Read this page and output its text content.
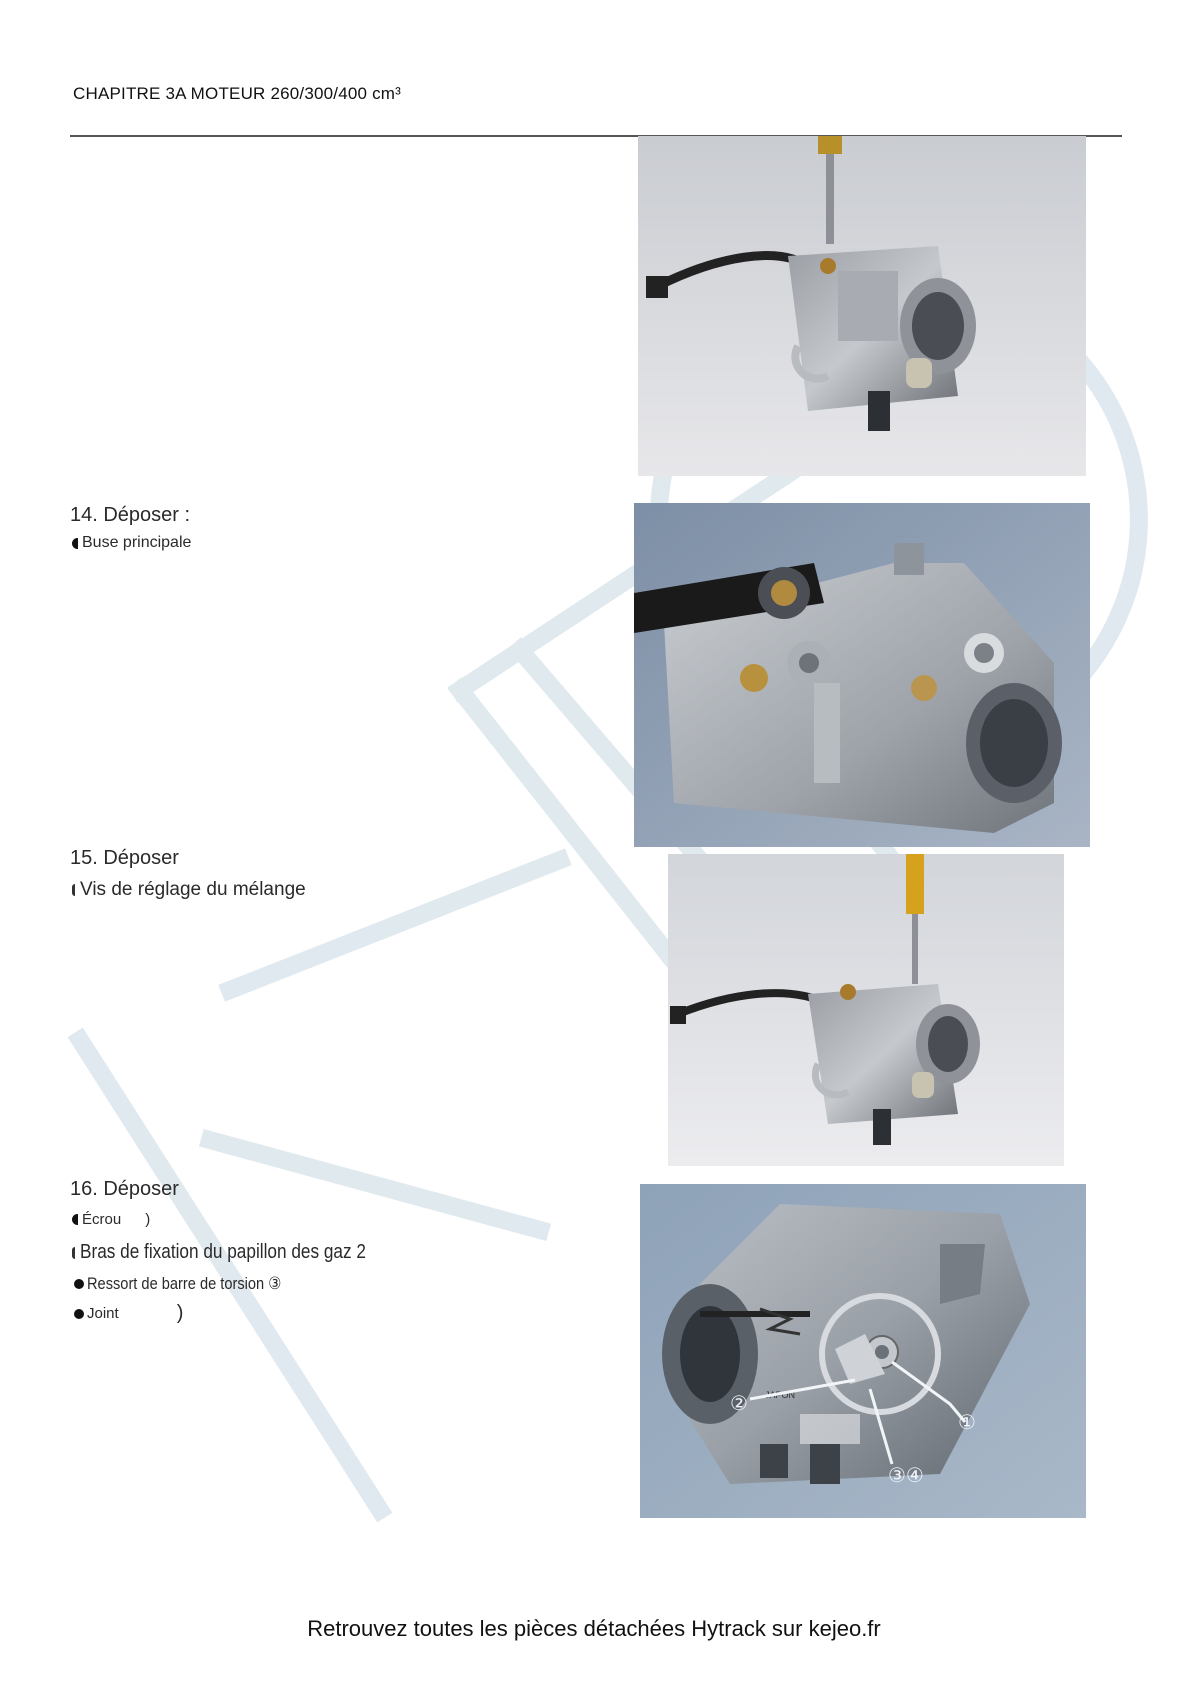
CHAPITRE 3A MOTEUR 260/300/400 cm³
14. Déposer :
Buse principale
15. Déposer
Vis de réglage du mélange
16. Déposer
Écrou )
Bras de fixation du papillon des gaz 2
Ressort de barre de torsion ③
Joint	)
JAPON
①
②
③④
Retrouvez toutes les pièces détachées Hytrack sur kejeo.fr
